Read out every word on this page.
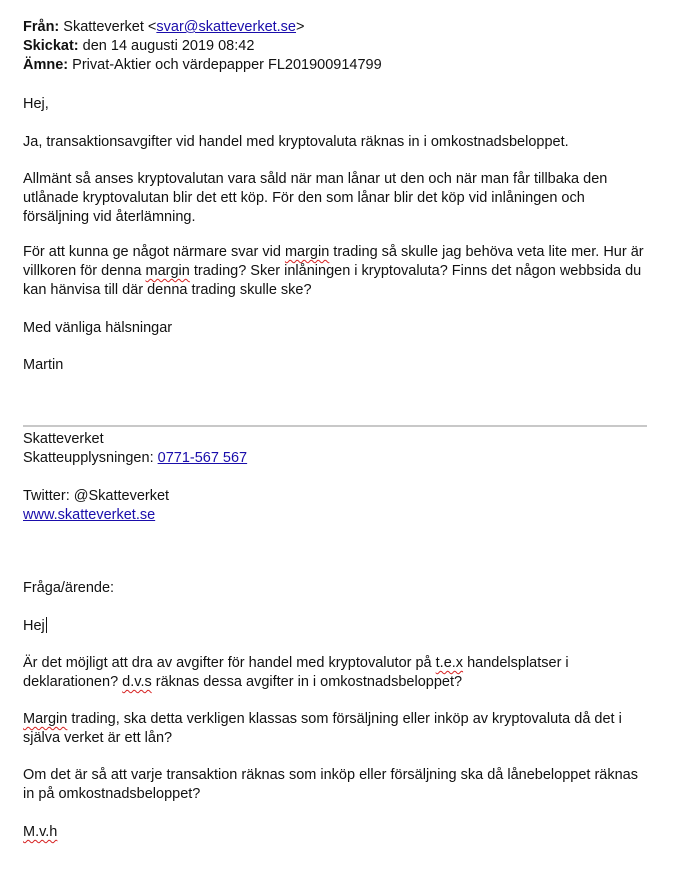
Från: Skatteverket <svar@skatteverket.se>
Skickat: den 14 augusti 2019 08:42
Ämne: Privat-Aktier och värdepapper FL201900914799

Hej,

Ja, transaktionsavgifter vid handel med kryptovaluta räknas in i omkostnadsbeloppet.

Allmänt så anses kryptovalutan vara såld när man lånar ut den och när man får tillbaka den utlånade kryptovalutan blir det ett köp. För den som lånar blir det köp vid inlåningen och försäljning vid återlämning.

För att kunna ge något närmare svar vid margin trading så skulle jag behöva veta lite mer. Hur är villkoren för denna margin trading? Sker inlåningen i kryptovaluta? Finns det någon webbsida du kan hänvisa till där denna trading skulle ske?

Med vänliga hälsningar

Martin

Skatteverket

Skatteupplysningen: 0771-567 567

Twitter: @Skatteverket

www.skatteverket.se

Fråga/ärende:

Hej

Är det möjligt att dra av avgifter för handel med kryptovalutor på t.e.x handelsplatser i deklarationen? d.v.s räknas dessa avgifter in i omkostnadsbeloppet?

Margin trading, ska detta verkligen klassas som försäljning eller inköp av kryptovaluta då det i själva verket är ett lån?

Om det är så att varje transaktion räknas som inköp eller försäljning ska då lånebeloppet räknas in på omkostnadsbeloppet?

M.v.h
